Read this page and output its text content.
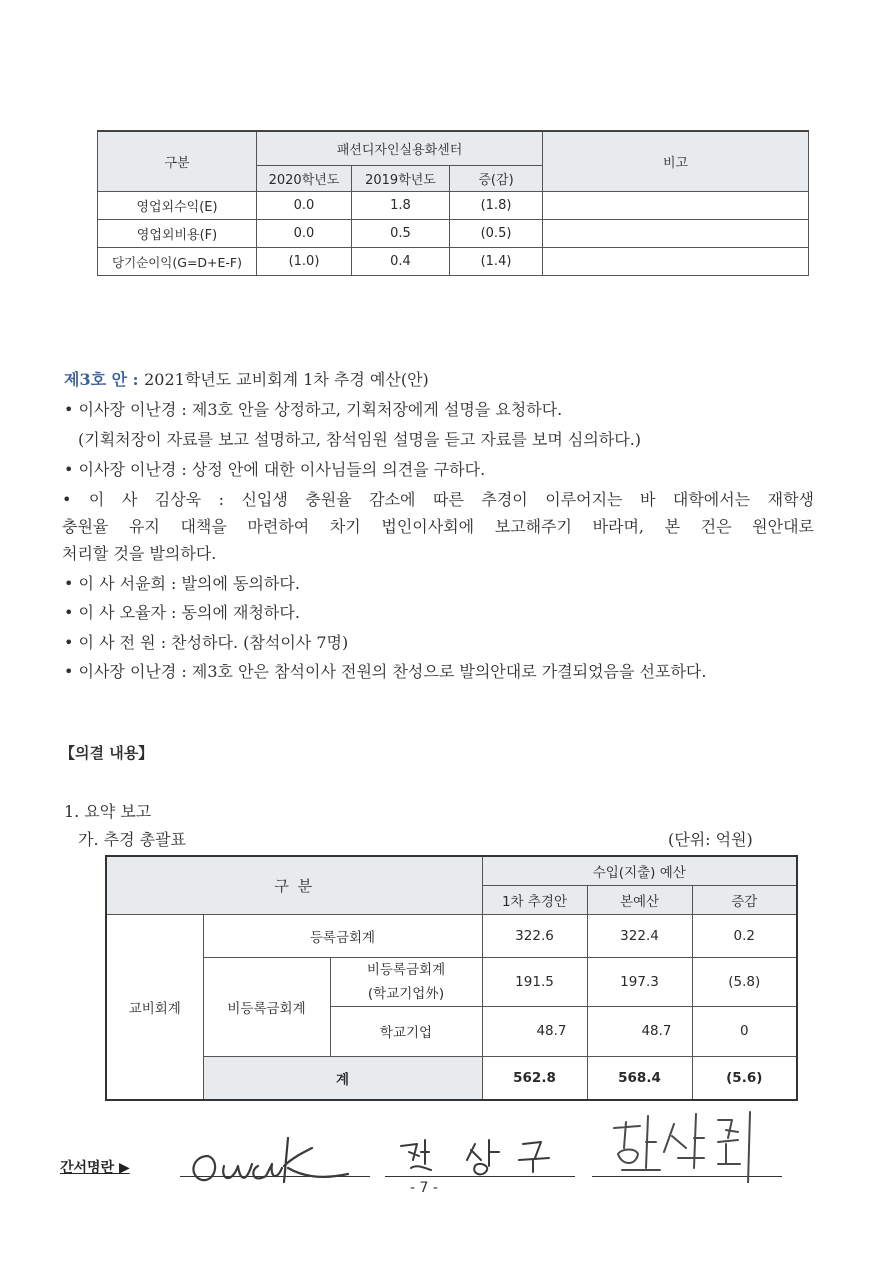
구분	패션디자인실용화센터			비고
	2020학년도	2019학년도	증(감)	
영업외수익(E)	0.0	1.8	(1.8)	
영업외비용(F)	0.0	0.5	(0.5)	
당기순이익(G=D+E-F)	(1.0)	0.4	(1.4)	
제3호 안 : 2021학년도 교비회계 1차 추경 예산(안)
• 이사장 이난경 : 제3호 안을 상정하고, 기획처장에게 설명을 요청하다.
(기획처장이 자료를 보고 설명하고, 참석임원 설명을 듣고 자료를 보며 심의하다.)
• 이사장 이난경 : 상정 안에 대한 이사님들의 의견을 구하다.
• 이 사 김상욱 : 신입생 충원율 감소에 따른 추경이 이루어지는 바 대학에서는 재학생
충원율 유지 대책을 마련하여 차기 법인이사회에 보고해주기 바라며, 본 건은 원안대로
처리할 것을 발의하다.
• 이 사 서윤희 : 발의에 동의하다.
• 이 사 오율자 : 동의에 재청하다.
• 이 사 전 원 : 찬성하다. (참석이사 7명)
• 이사장 이난경 : 제3호 안은 참석이사 전원의 찬성으로 발의안대로 가결되었음을 선포하다.
【의결 내용】
1. 요약 보고
가. 추경 총괄표	(단위: 억원)
구 분			수입(지출) 예산		
			1차 추경안	본예산	증감
교비회계	등록금회계		322.6	322.4	0.2
	비등록금회계	비등록금회계
(학교기업外)	191.5	197.3	(5.8)
		학교기업	48.7	48.7	0
	계		562.8	568.4	(5.6)
간서명란 ▶
- 7 -
